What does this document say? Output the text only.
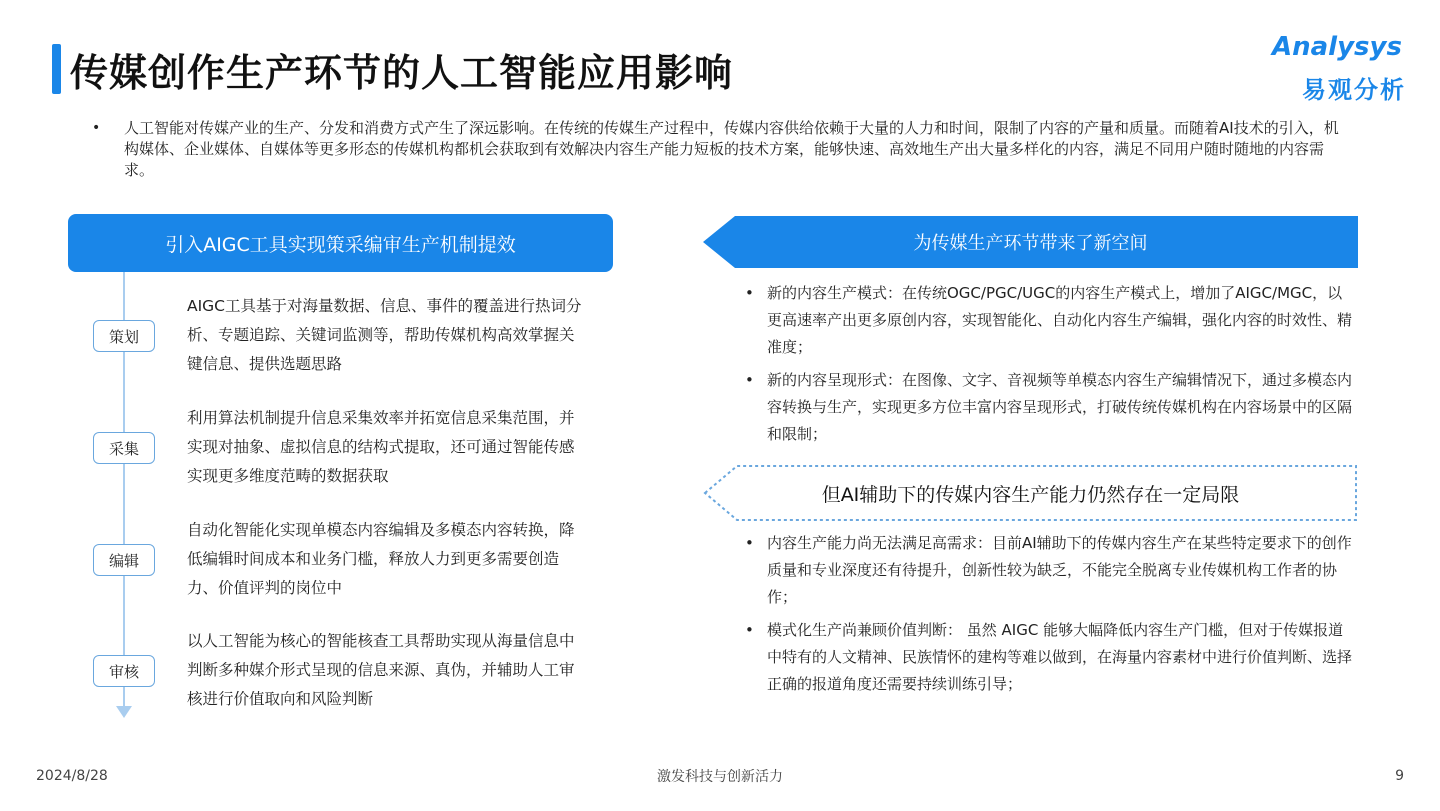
传媒创作生产环节的人工智能应用影响
Analysys
易观分析
• 人工智能对传媒产业的生产、分发和消费方式产生了深远影响。在传统的传媒生产过程中，传媒内容供给依赖于大量的人力和时间，限制了内容的产量和质量。而随着AI技术的引入，机构媒体、企业媒体、自媒体等更多形态的传媒机构都机会获取到有效解决内容生产能力短板的技术方案，能够快速、高效地生产出大量多样化的内容，满足不同用户随时随地的内容需求。
引入AIGC工具实现策采编审生产机制提效
策划
AIGC工具基于对海量数据、信息、事件的覆盖进行热词分析、专题追踪、关键词监测等，帮助传媒机构高效掌握关键信息、提供选题思路
采集
利用算法机制提升信息采集效率并拓宽信息采集范围，并实现对抽象、虚拟信息的结构式提取，还可通过智能传感实现更多维度范畴的数据获取
编辑
自动化智能化实现单模态内容编辑及多模态内容转换，降低编辑时间成本和业务门槛，释放人力到更多需要创造力、价值评判的岗位中
审核
以人工智能为核心的智能核查工具帮助实现从海量信息中判断多种媒介形式呈现的信息来源、真伪，并辅助人工审核进行价值取向和风险判断
为传媒生产环节带来了新空间
• 新的内容生产模式：在传统OGC/PGC/UGC的内容生产模式上，增加了AIGC/MGC，以更高速率产出更多原创内容，实现智能化、自动化内容生产编辑，强化内容的时效性、精准度；
• 新的内容呈现形式：在图像、文字、音视频等单模态内容生产编辑情况下，通过多模态内容转换与生产，实现更多方位丰富内容呈现形式，打破传统传媒机构在内容场景中的区隔和限制；
但AI辅助下的传媒内容生产能力仍然存在一定局限
• 内容生产能力尚无法满足高需求：目前AI辅助下的传媒内容生产在某些特定要求下的创作质量和专业深度还有待提升，创新性较为缺乏，不能完全脱离专业传媒机构工作者的协作；
• 模式化生产尚兼顾价值判断： 虽然 AIGC 能够大幅降低内容生产门槛，但对于传媒报道中特有的人文精神、民族情怀的建构等难以做到，在海量内容素材中进行价值判断、选择正确的报道角度还需要持续训练引导；
2024/8/28	激发科技与创新活力	9
